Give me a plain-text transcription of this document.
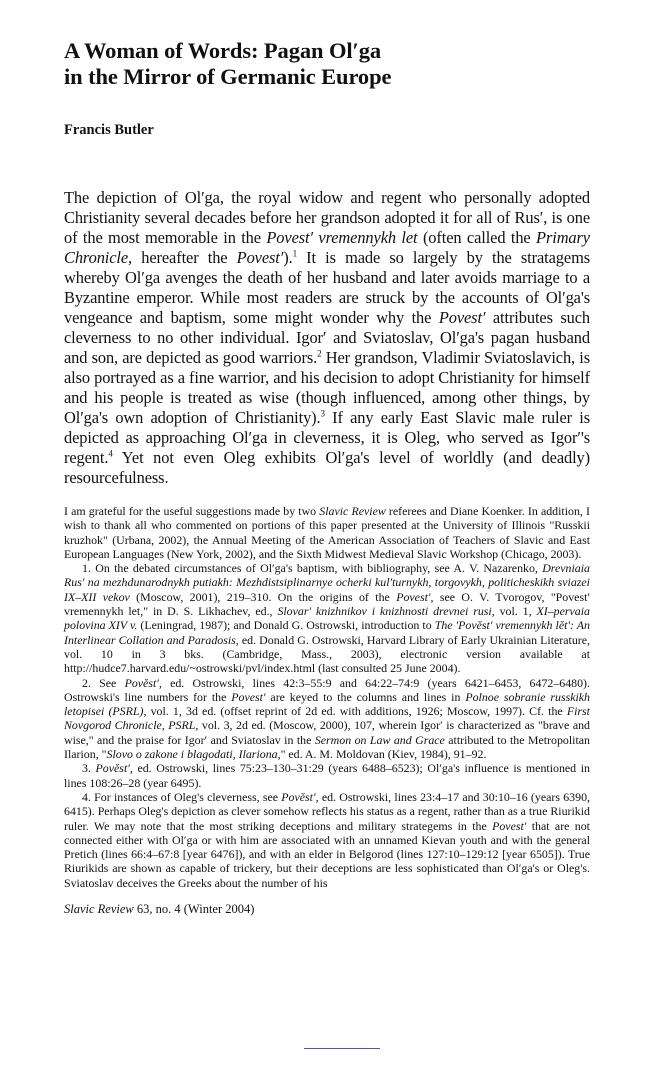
A Woman of Words: Pagan Ol′ga
in the Mirror of Germanic Europe
Francis Butler
The depiction of Ol′ga, the royal widow and regent who personally adopted Christianity several decades before her grandson adopted it for all of Rus′, is one of the most memorable in the Povest′ vremennykh let (often called the Primary Chronicle, hereafter the Povest′).$^1$ It is made so largely by the stratagems whereby Ol′ga avenges the death of her husband and later avoids marriage to a Byzantine emperor. While most readers are struck by the accounts of Ol′ga's vengeance and baptism, some might wonder why the Povest′ attributes such cleverness to no other individual. Igor′ and Sviatoslav, Ol′ga's pagan husband and son, are depicted as good warriors.$^2$ Her grandson, Vladimir Sviatoslavich, is also portrayed as a fine warrior, and his decision to adopt Christianity for himself and his people is treated as wise (though influenced, among other things, by Ol′ga's own adoption of Christianity).$^3$ If any early East Slavic male ruler is depicted as approaching Ol′ga in cleverness, it is Oleg, who served as Igor′'s regent.$^4$ Yet not even Oleg exhibits Ol′ga's level of worldly (and deadly) resourcefulness.

I am grateful for the useful suggestions made by two Slavic Review referees and Diane Koenker. In addition, I wish to thank all who commented on portions of this paper presented at the University of Illinois "Russkii kruzhok" (Urbana, 2002), the Annual Meeting of the American Association of Teachers of Slavic and East European Languages (New York, 2002), and the Sixth Midwest Medieval Slavic Workshop (Chicago, 2003).

1. On the debated circumstances of Ol′ga's baptism, with bibliography, see A. V. Nazarenko, Drevniaia Rus′ na mezhdunarodnykh putiakh: Mezhdistsiplinarnye ocherki kul′turnykh, torgovykh, politicheskikh sviazei IX–XII vekov (Moscow, 2001), 219–310. On the origins of the Povest′, see O. V. Tvorogov, "Povest′ vremennykh let," in D. S. Likhachev, ed., Slovar′ knizhnikov i knizhnosti drevnei rusi, vol. 1, XI–pervaia polovina XIV v. (Leningrad, 1987); and Donald G. Ostrowski, introduction to The 'Povĕst′ vremennykh lĕt': An Interlinear Collation and Paradosis, ed. Donald G. Ostrowski, Harvard Library of Early Ukrainian Literature, vol. 10 in 3 bks. (Cambridge, Mass., 2003), electronic version available at http://hudce7.harvard.edu/~ostrowski/pvl/index.html (last consulted 25 June 2004).

2. See Povĕst′, ed. Ostrowski, lines 42:3–55:9 and 64:22–74:9 (years 6421–6453, 6472–6480). Ostrowski's line numbers for the Povest′ are keyed to the columns and lines in Polnoe sobranie russkikh letopisei (PSRL), vol. 1, 3d ed. (offset reprint of 2d ed. with additions, 1926; Moscow, 1997). Cf. the First Novgorod Chronicle, PSRL, vol. 3, 2d ed. (Moscow, 2000), 107, wherein Igor′ is characterized as "brave and wise," and the praise for Igor′ and Sviatoslav in the Sermon on Law and Grace attributed to the Metropolitan Ilarion, "Slovo o zakone i blagodati, Ilariona," ed. A. M. Moldovan (Kiev, 1984), 91–92.

3. Povĕst′, ed. Ostrowski, lines 75:23–130–31:29 (years 6488–6523); Ol′ga's influence is mentioned in lines 108:26–28 (year 6495).

4. For instances of Oleg's cleverness, see Povĕst′, ed. Ostrowski, lines 23:4–17 and 30:10–16 (years 6390, 6415). Perhaps Oleg's depiction as clever somehow reflects his status as a regent, rather than as a true Riurikid ruler. We may note that the most striking deceptions and military strategems in the Povest′ that are not connected either with Ol′ga or with him are associated with an unnamed Kievan youth and with the general Pretich (lines 66:4–67:8 [year 6476]), and with an elder in Belgorod (lines 127:10–129:12 [year 6505]). True Riurikids are shown as capable of trickery, but their deceptions are less sophisticated than Ol′ga's or Oleg's. Sviatoslav deceives the Greeks about the number of his

Slavic Review 63, no. 4 (Winter 2004)
